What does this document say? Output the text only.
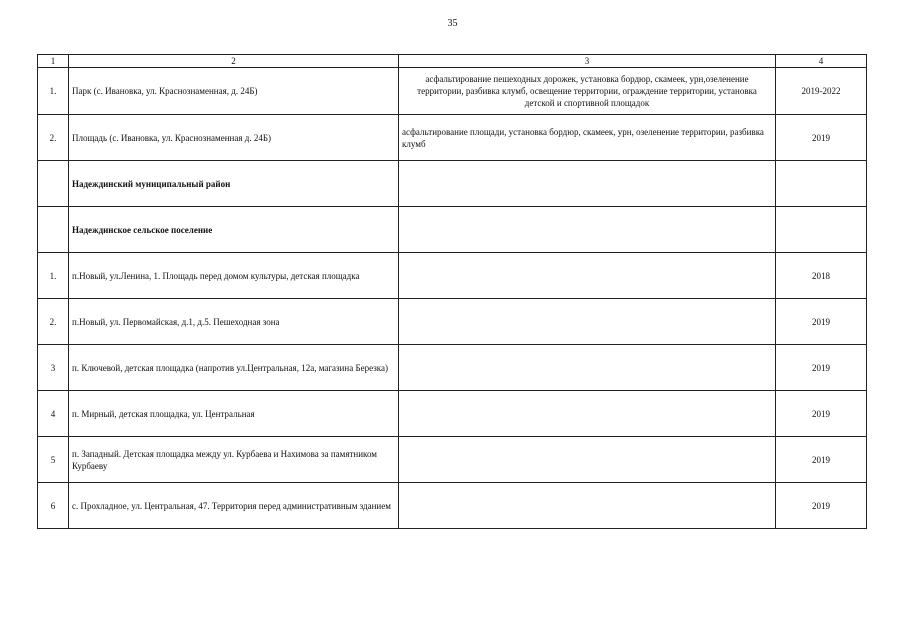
35
1	2	3	4
1.	Парк (с. Ивановка, ул. Краснознаменная, д. 24Б)	асфальтирование пешеходных дорожек, установка бордюр, скамеек, урн,озеленение территории, разбивка клумб, освещение территории, ограждение территории, установка детской и спортивной площадок	2019-2022
2.	Площадь (с. Ивановка, ул. Краснознаменная д. 24Б)	асфальтирование площади, установка бордюр, скамеек, урн, озеленение территории, разбивка клумб	2019
	Надеждинский муниципальный район		
	Надеждинское сельское поселение		
1.	п.Новый, ул.Ленина, 1. Площадь перед домом культуры, детская площадка		2018
2.	п.Новый, ул. Первомайская, д.1, д.5. Пешеходная зона		2019
3	п. Ключевой, детская площадка (напротив ул.Центральная, 12а, магазина Березка)		2019
4	п. Мирный, детская площадка, ул. Центральная		2019
5	п. Западный. Детская площадка между ул. Курбаева и Нахимова за памятником Курбаеву		2019
6	с. Прохладное, ул. Центральная, 47. Территория перед административным зданием		2019
